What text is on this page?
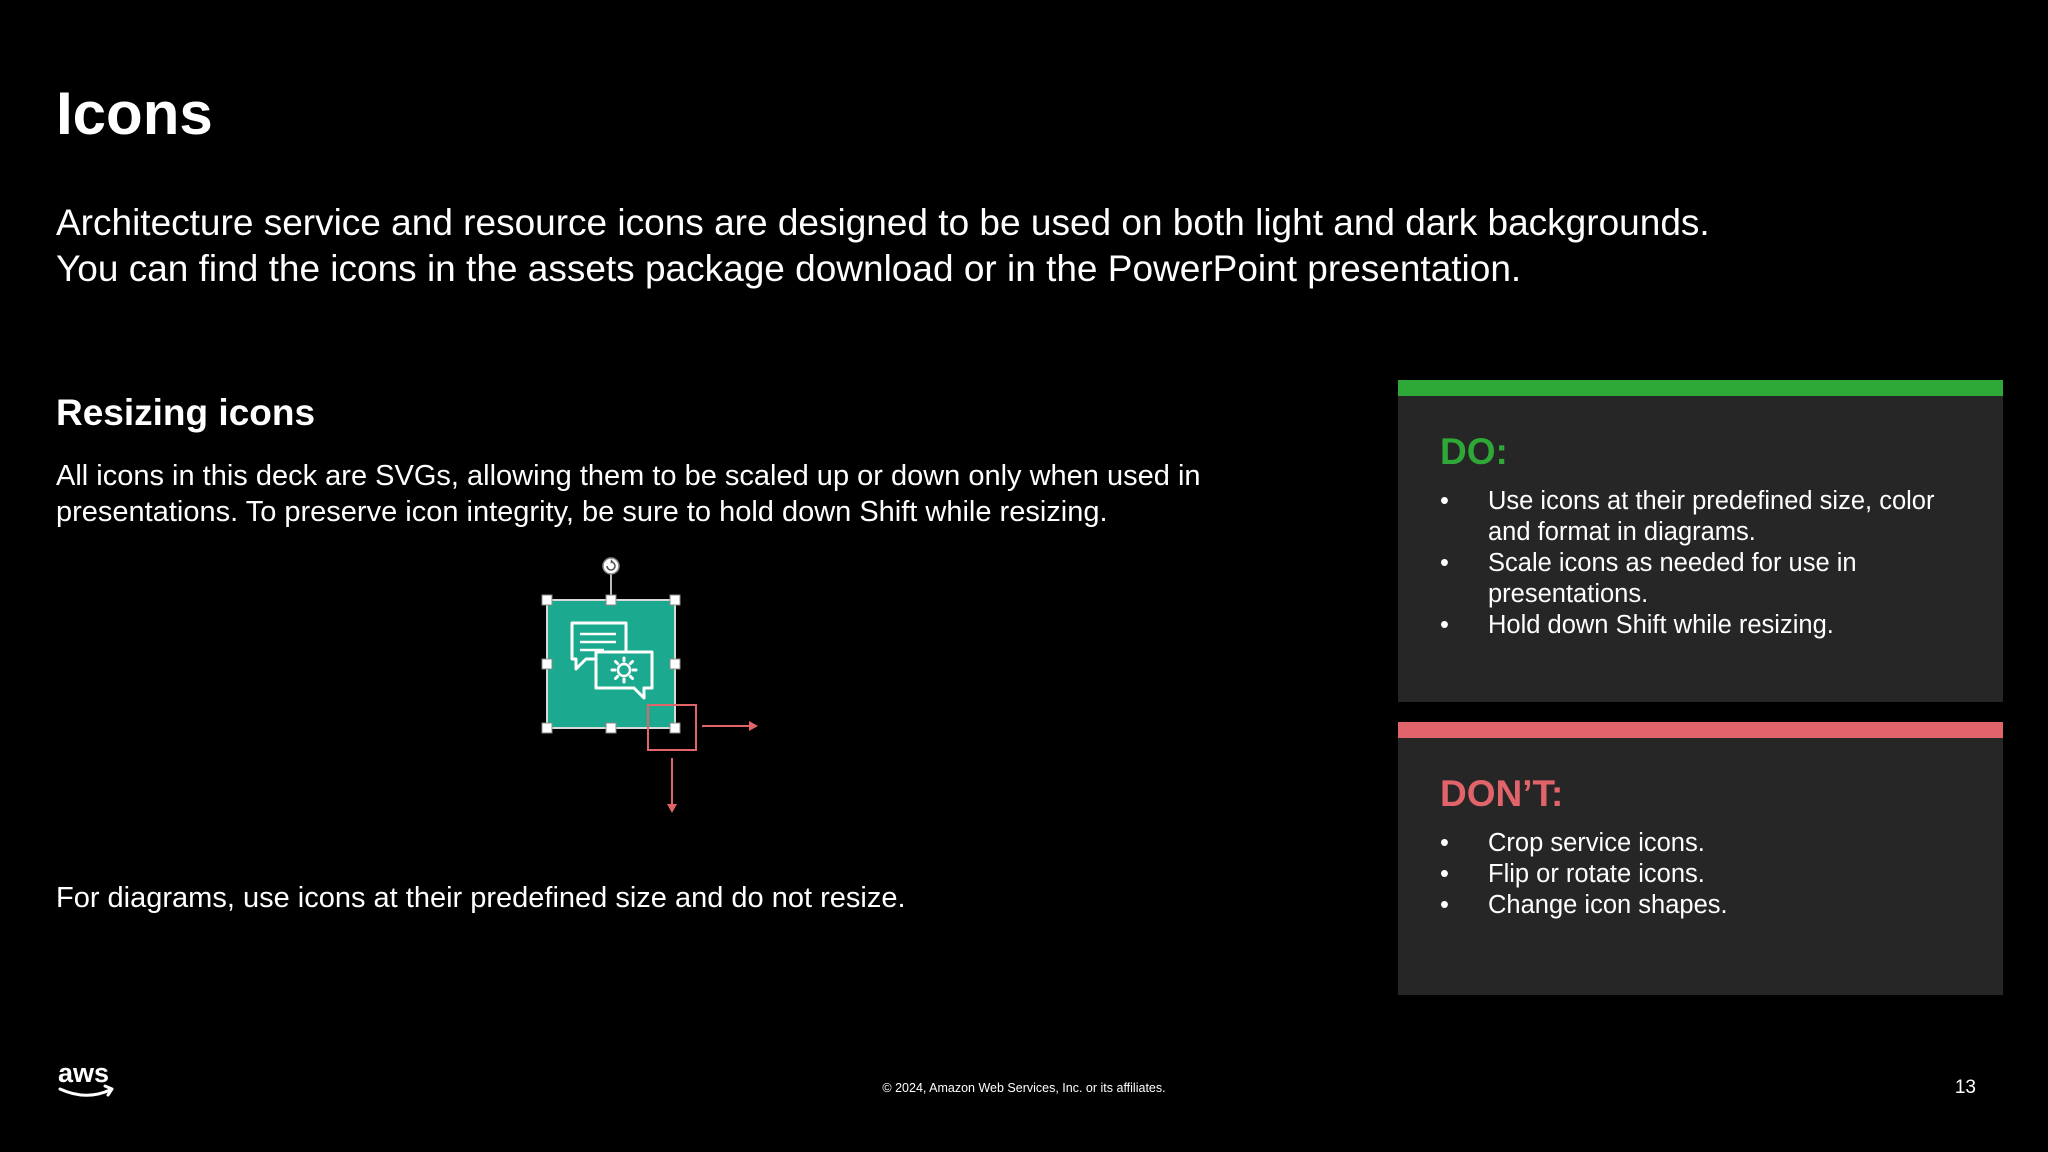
Icons
Architecture service and resource icons are designed to be used on both light and dark backgrounds.
You can find the icons in the assets package download or in the PowerPoint presentation.
Resizing icons
All icons in this deck are SVGs, allowing them to be scaled up or down only when used in
presentations. To preserve icon integrity, be sure to hold down Shift while resizing.
For diagrams, use icons at their predefined size and do not resize.
DO:
• Use icons at their predefined size, color and format in diagrams.
• Scale icons as needed for use in presentations.
• Hold down Shift while resizing.
DON’T:
• Crop service icons.
• Flip or rotate icons.
• Change icon shapes.
aws	© 2024, Amazon Web Services, Inc. or its affiliates.	13
